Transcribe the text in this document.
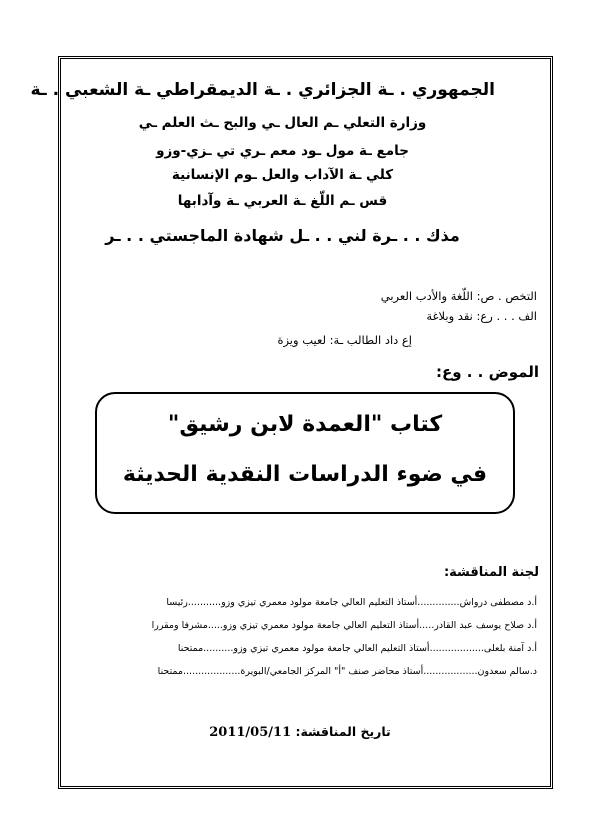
الجمهوري . ـة الجزائري . ـة الديمقراطي ـة الشعبي . ـة
وزارة التعلي ـم العال ـي والبح ـث العلم ـي
جامع ـة مول ـود معم ـري تي ـزي-وزو
كلي ـة الآداب والعل ـوم الإنسانية
قس ـم اللّغ ـة العربي ـة وآدابها
مذك . . ـرة لني . . ـل شهادة الماجستي . . ـر
التخص . ص: اللّغة والأدب العربي
الف . . . رع: نقد وبلاغة
إع داد الطالب ـة: لعيب ويزة
الموض . . وع:
كتاب "العمدة لابن رشيق"
في ضوء الدراسات النقدية الحديثة
لجنة المناقشة:
أ.د مصطفى درواش..............أستاذ التعليم العالي جامعة مولود معمري تيزي وزو...........رئيسا
أ.د صلاح يوسف عبد القادر.....أستاذ التعليم العالي جامعة مولود معمري تيزي وزو.....مشرفا ومقررا
أ.د آمنة بلعلى..................أستاذ التعليم العالي جامعة مولود معمري تيزي وزو..........ممتحنا
د.سالم سعدون..................أستاذ محاضر صنف "أ" المركز الجامعي/البويرة...................ممتحنا
تاريخ المناقشة: 2011/05/11
